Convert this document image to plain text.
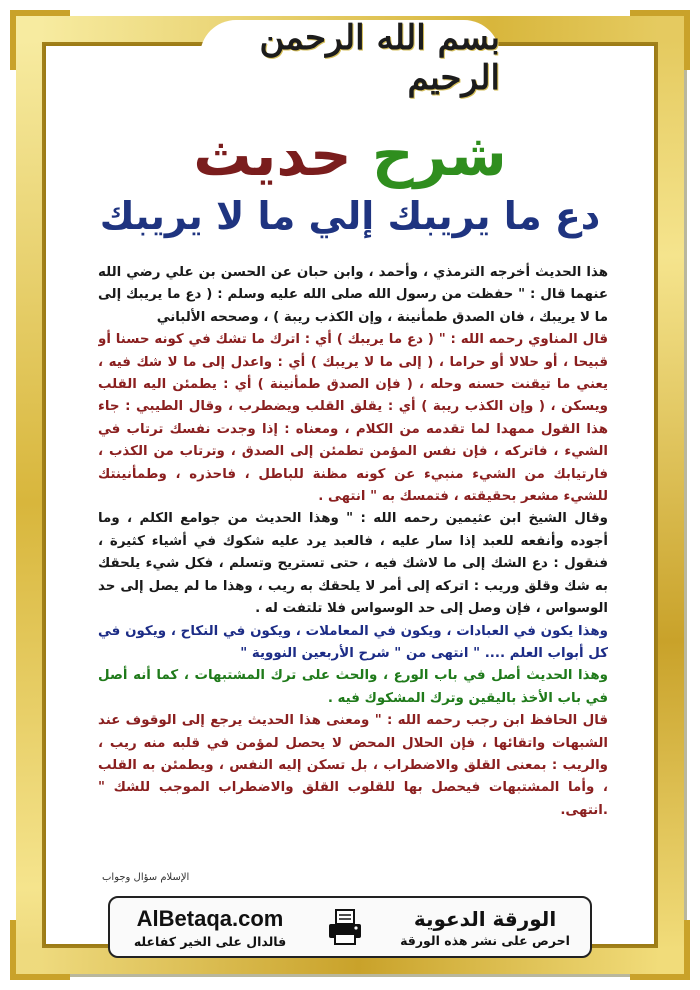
بسم الله الرحمن الرحيم
شرح حديث
دع ما يريبك إلي ما لا يريبك

هذا الحديث أخرجه الترمذي ، وأحمد ، وابن حبان عن الحسن بن علي رضي الله عنهما قال : " حفظت من رسول الله صلى الله عليه وسلم : ( دع ما يريبك إلى ما لا يريبك ، فان الصدق طمأنينة ، وإن الكذب ريبة ) ، وصححه الألباني

قال المناوي رحمه الله : " ( دع ما يريبك ) أي : اترك ما تشك في كونه حسنا أو قبيحا ، أو حلالا أو حراما ، ( إلى ما لا يريبك ) أي : واعدل إلى ما لا شك فيه ، يعني ما تيقنت حسنه وحله ، ( فإن الصدق طمأنينة ) أي : يطمئن اليه القلب ويسكن ، ( وإن الكذب ريبة ) أي : يقلق القلب ويضطرب ، وقال الطيبي : جاء هذا القول ممهدا لما تقدمه من الكلام ، ومعناه : إذا وجدت نفسك ترتاب في الشيء ، فاتركه ، فإن نفس المؤمن تطمئن إلى الصدق ، وترتاب من الكذب ، فارتيابك من الشيء منبيء عن كونه مظنة للباطل ، فاحذره ، وطمأنينتك للشيء مشعر بحقيقته ، فتمسك به " انتهى .

وقال الشيخ ابن عثيمين رحمه الله : " وهذا الحديث من جوامع الكلم ، وما أجوده وأنفعه للعبد إذا سار عليه ، فالعبد يرد عليه شكوك في أشياء كثيرة ، فنقول : دع الشك إلى ما لاشك فيه ، حتى تستريح وتسلم ، فكل شيء يلحقك به شك وقلق وريب : اتركه إلى أمر لا يلحقك به ريب ، وهذا ما لم يصل إلى حد الوسواس ، فإن وصل إلى حد الوسواس فلا تلتفت له .

وهذا يكون في العبادات ، ويكون في المعاملات ، ويكون في النكاح ، ويكون في كل أبواب العلم .... " انتهى من " شرح الأربعين النووية "

وهذا الحديث أصل في باب الورع ، والحث على ترك المشتبهات ، كما أنه أصل في باب الأخذ باليقين وترك المشكوك فيه .

قال الحافظ ابن رجب رحمه الله : " ومعنى هذا الحديث يرجع إلى الوقوف عند الشبهات واتقائها ، فإن الحلال المحض لا يحصل لمؤمن في قلبه منه ريب ، والريب : بمعنى القلق والاضطراب ، بل تسكن إليه النفس ، ويطمئن به القلب ، وأما المشتبهات فيحصل بها للقلوب القلق والاضطراب الموجب للشك " .انتهى.

الإسلام سؤال وجواب
AlBetaqa.com
فالدال على الخير كفاعله
الورقة الدعوية
احرص على نشر هذه الورقة
